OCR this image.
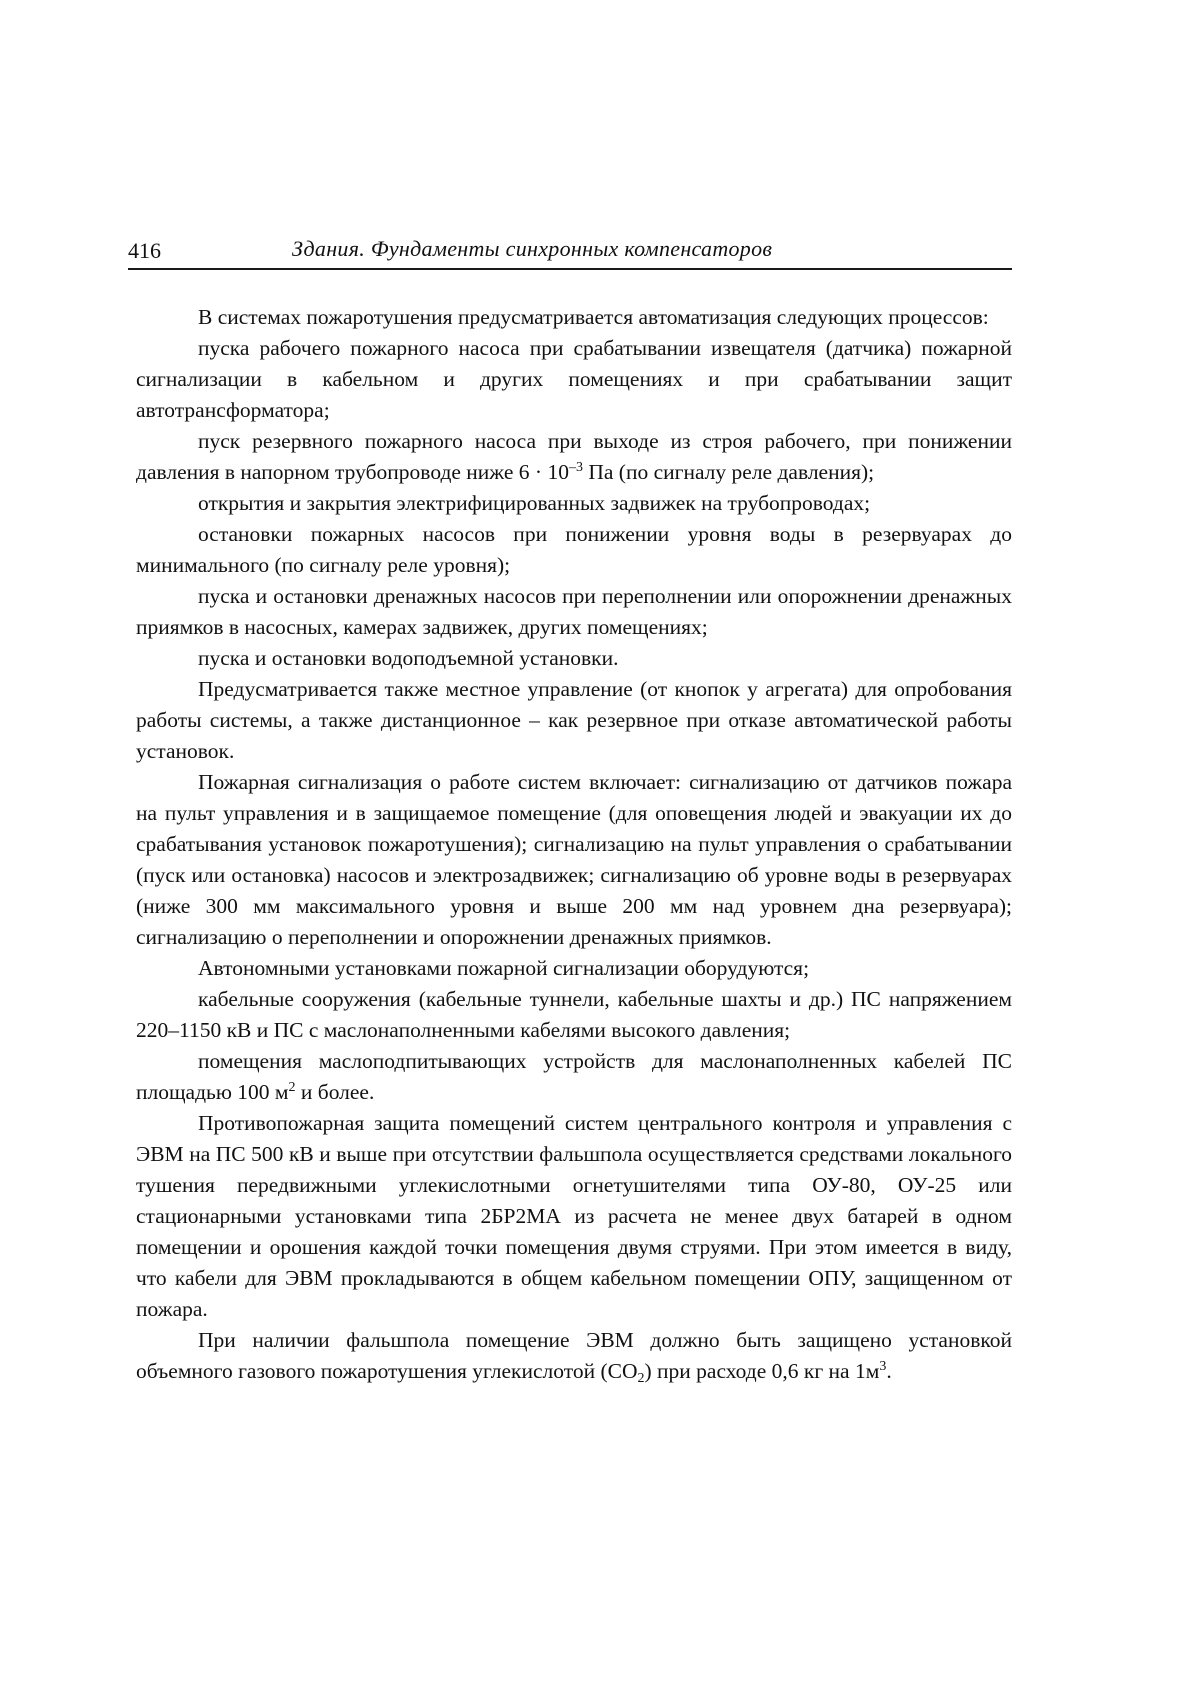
416	Здания. Фундаменты синхронных компенсаторов

В системах пожаротушения предусматривается автоматизация следующих процессов:

пуска рабочего пожарного насоса при срабатывании извещателя (датчика) пожарной сигнализации в кабельном и других помещениях и при срабатывании защит автотрансформатора;

пуск резервного пожарного насоса при выходе из строя рабочего, при понижении давления в напорном трубопроводе ниже $6 \cdot 10^{-3}$ Па (по сигналу реле давления);

открытия и закрытия электрифицированных задвижек на трубопроводах;

остановки пожарных насосов при понижении уровня воды в резервуарах до минимального (по сигналу реле уровня);

пуска и остановки дренажных насосов при переполнении или опорожнении дренажных приямков в насосных, камерах задвижек, других помещениях;

пуска и остановки водоподъемной установки.

Предусматривается также местное управление (от кнопок у агрегата) для опробования работы системы, а также дистанционное – как резервное при отказе автоматической работы установок.

Пожарная сигнализация о работе систем включает: сигнализацию от датчиков пожара на пульт управления и в защищаемое помещение (для оповещения людей и эвакуации их до срабатывания установок пожаротушения); сигнализацию на пульт управления о срабатывании (пуск или остановка) насосов и электрозадвижек; сигнализацию об уровне воды в резервуарах (ниже 300 мм максимального уровня и выше 200 мм над уровнем дна резервуара); сигнализацию о переполнении и опорожнении дренажных приямков.

Автономными установками пожарной сигнализации оборудуются;

кабельные сооружения (кабельные туннели, кабельные шахты и др.) ПС напряжением 220–1150 кВ и ПС с маслонаполненными кабелями высокого давления;

помещения маслоподпитывающих устройств для маслонаполненных кабелей ПС площадью 100 $м^2$ и более.

Противопожарная защита помещений систем центрального контроля и управления с ЭВМ на ПС 500 кВ и выше при отсутствии фальшпола осуществляется средствами локального тушения передвижными углекислотными огнетушителями типа ОУ-80, ОУ-25 или стационарными установками типа 2БР2МА из расчета не менее двух батарей в одном помещении и орошения каждой точки помещения двумя струями. При этом имеется в виду, что кабели для ЭВМ прокладываются в общем кабельном помещении ОПУ, защищенном от пожара.

При наличии фальшпола помещение ЭВМ должно быть защищено установкой объемного газового пожаротушения углекислотой $(CO_2)$ при расходе 0,6 кг на $1м^3$.
